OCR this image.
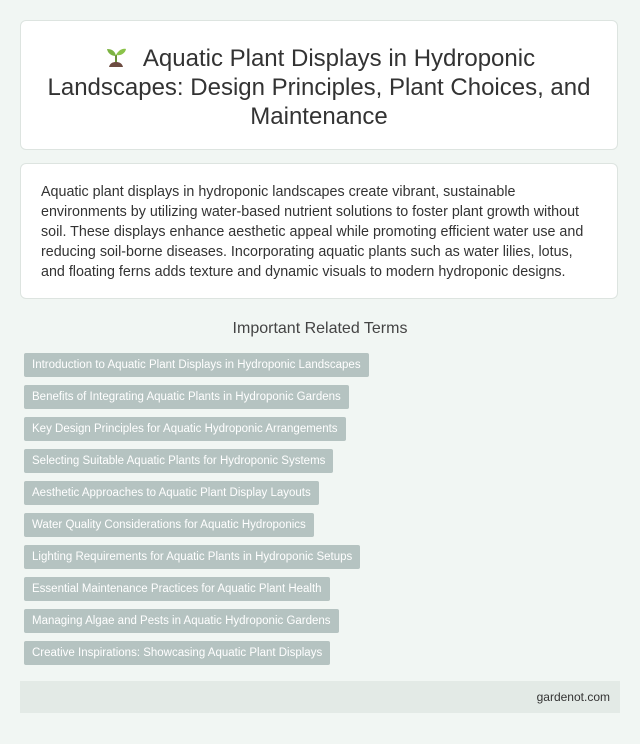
Aquatic Plant Displays in Hydroponic Landscapes: Design Principles, Plant Choices, and Maintenance

Aquatic plant displays in hydroponic landscapes create vibrant, sustainable environments by utilizing water-based nutrient solutions to foster plant growth without soil. These displays enhance aesthetic appeal while promoting efficient water use and reducing soil-borne diseases. Incorporating aquatic plants such as water lilies, lotus, and floating ferns adds texture and dynamic visuals to modern hydroponic designs.

Important Related Terms
Introduction to Aquatic Plant Displays in Hydroponic Landscapes
Benefits of Integrating Aquatic Plants in Hydroponic Gardens
Key Design Principles for Aquatic Hydroponic Arrangements
Selecting Suitable Aquatic Plants for Hydroponic Systems
Aesthetic Approaches to Aquatic Plant Display Layouts
Water Quality Considerations for Aquatic Hydroponics
Lighting Requirements for Aquatic Plants in Hydroponic Setups
Essential Maintenance Practices for Aquatic Plant Health
Managing Algae and Pests in Aquatic Hydroponic Gardens
Creative Inspirations: Showcasing Aquatic Plant Displays
gardenot.com
